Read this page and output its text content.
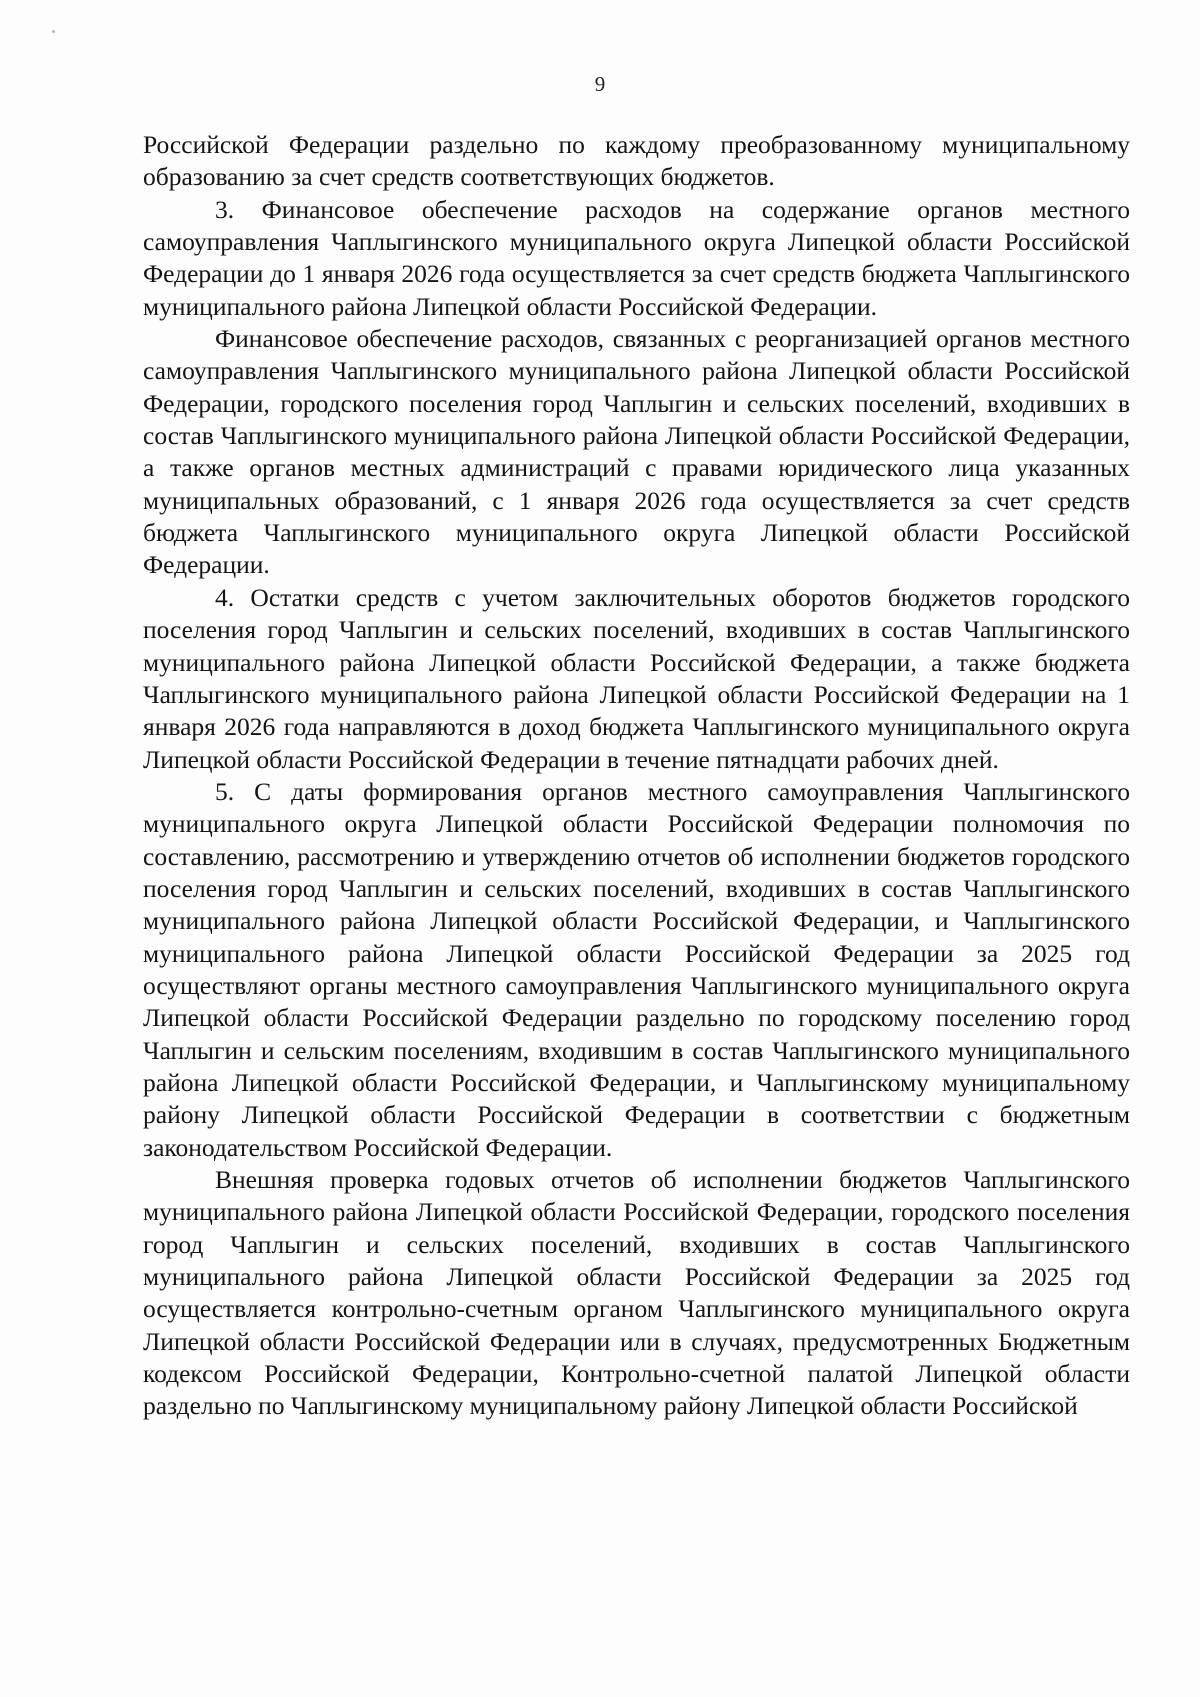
9

Российской Федерации раздельно по каждому преобразованному муниципальному образованию за счет средств соответствующих бюджетов.

3. Финансовое обеспечение расходов на содержание органов местного самоуправления Чаплыгинского муниципального округа Липецкой области Российской Федерации до 1 января 2026 года осуществляется за счет средств бюджета Чаплыгинского муниципального района Липецкой области Российской Федерации.

Финансовое обеспечение расходов, связанных с реорганизацией органов местного самоуправления Чаплыгинского муниципального района Липецкой области Российской Федерации, городского поселения город Чаплыгин и сельских поселений, входивших в состав Чаплыгинского муниципального района Липецкой области Российской Федерации, а также органов местных администраций с правами юридического лица указанных муниципальных образований, с 1 января 2026 года осуществляется за счет средств бюджета Чаплыгинского муниципального округа Липецкой области Российской Федерации.

4. Остатки средств с учетом заключительных оборотов бюджетов городского поселения город Чаплыгин и сельских поселений, входивших в состав Чаплыгинского муниципального района Липецкой области Российской Федерации, а также бюджета Чаплыгинского муниципального района Липецкой области Российской Федерации на 1 января 2026 года направляются в доход бюджета Чаплыгинского муниципального округа Липецкой области Российской Федерации в течение пятнадцати рабочих дней.

5. С даты формирования органов местного самоуправления Чаплыгинского муниципального округа Липецкой области Российской Федерации полномочия по составлению, рассмотрению и утверждению отчетов об исполнении бюджетов городского поселения город Чаплыгин и сельских поселений, входивших в состав Чаплыгинского муниципального района Липецкой области Российской Федерации, и Чаплыгинского муниципального района Липецкой области Российской Федерации за 2025 год осуществляют органы местного самоуправления Чаплыгинского муниципального округа Липецкой области Российской Федерации раздельно по городскому поселению город Чаплыгин и сельским поселениям, входившим в состав Чаплыгинского муниципального района Липецкой области Российской Федерации, и Чаплыгинскому муниципальному району Липецкой области Российской Федерации в соответствии с бюджетным законодательством Российской Федерации.

Внешняя проверка годовых отчетов об исполнении бюджетов Чаплыгинского муниципального района Липецкой области Российской Федерации, городского поселения город Чаплыгин и сельских поселений, входивших в состав Чаплыгинского муниципального района Липецкой области Российской Федерации за 2025 год осуществляется контрольно-счетным органом Чаплыгинского муниципального округа Липецкой области Российской Федерации или в случаях, предусмотренных Бюджетным кодексом Российской Федерации, Контрольно-счетной палатой Липецкой области раздельно по Чаплыгинскому муниципальному району Липецкой области Российской
